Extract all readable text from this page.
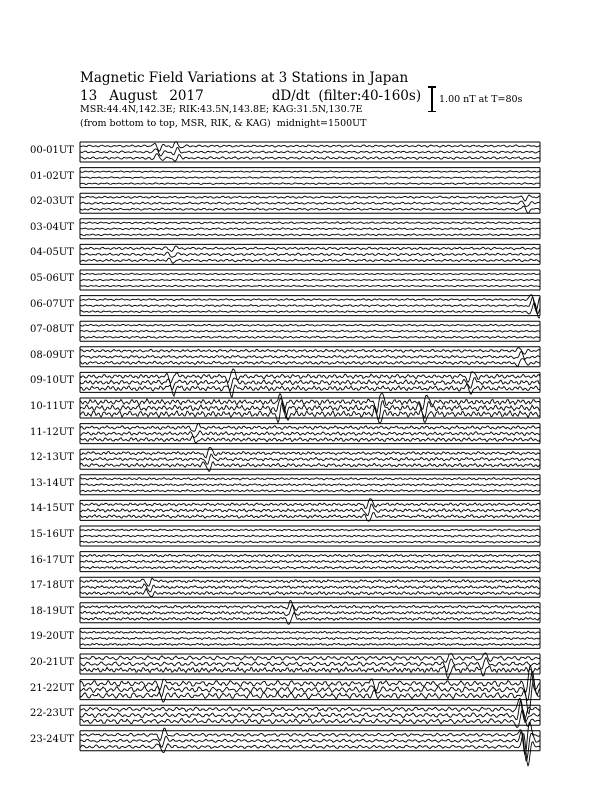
Magnetic Field Variations at 3 Stations in Japan
13 August 2017	dD/dt (filter:40-160s)
MSR:44.4N,142.3E; RIK:43.5N,143.8E; KAG:31.5N,130.7E
(from bottom to top, MSR, RIK, & KAG) midnight=1500UT
1.00 nT at T=80s
00-01UT
01-02UT
02-03UT
03-04UT
04-05UT
05-06UT
06-07UT
07-08UT
08-09UT
09-10UT
10-11UT
11-12UT
12-13UT
13-14UT
14-15UT
15-16UT
16-17UT
17-18UT
18-19UT
19-20UT
20-21UT
21-22UT
22-23UT
23-24UT
